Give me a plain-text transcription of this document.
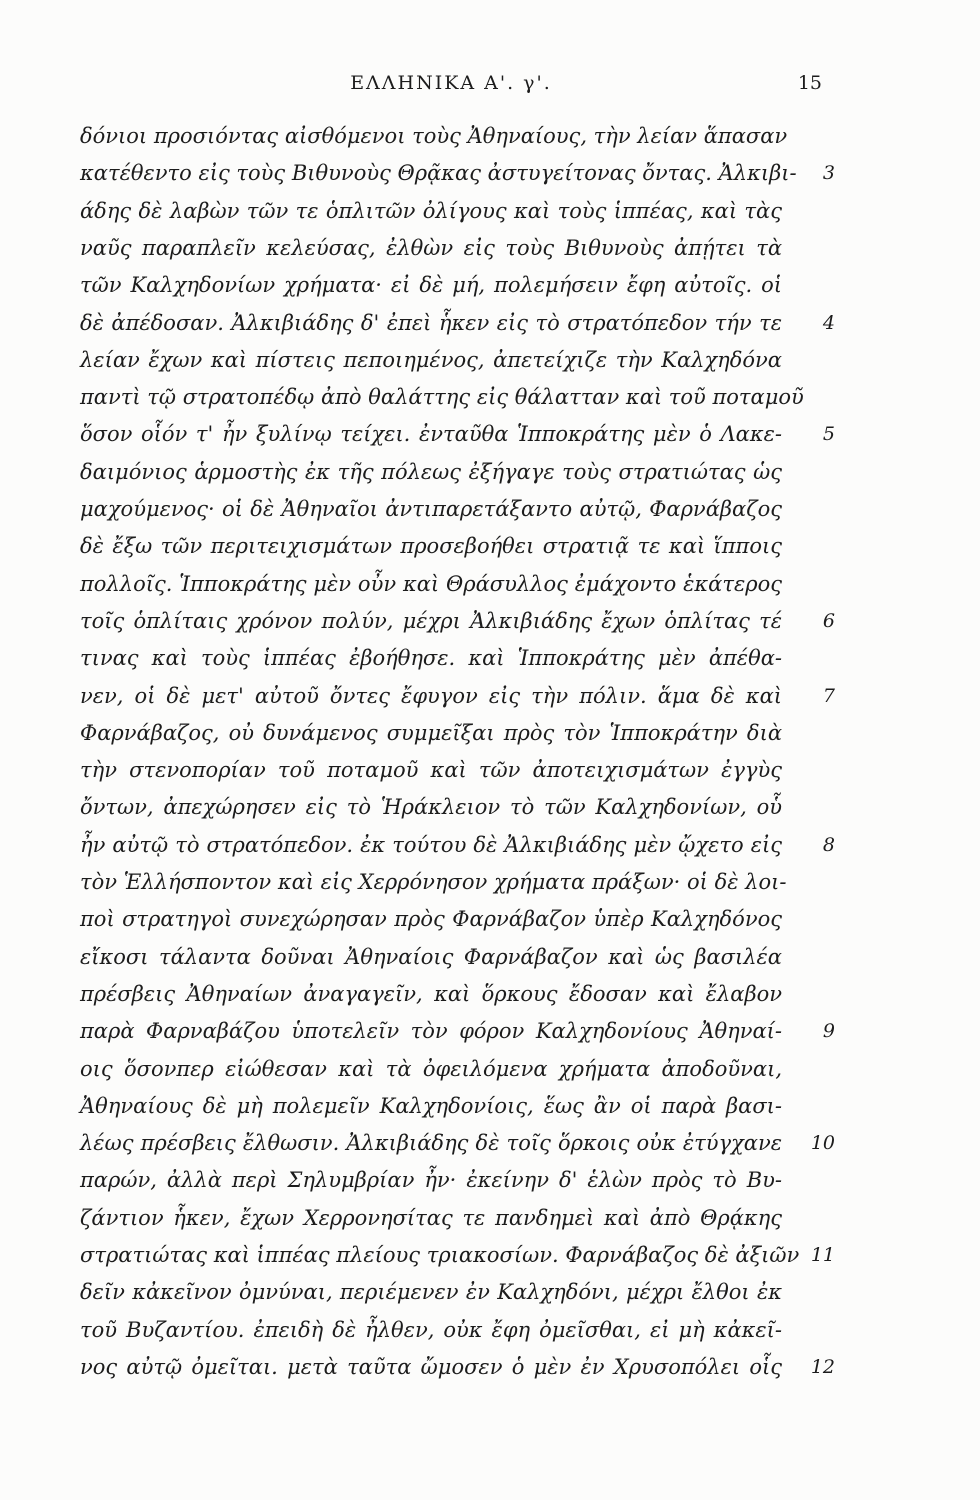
ΕΛΛΗΝΙΚΑ Α'. γ'.	15
δόνιοι προσιόντας αἰσθόμενοι τοὺς Ἀθηναίους, τὴν λείαν ἅπασαν
κατέθεντο εἰς τοὺς Βιθυνοὺς Θρᾷκας ἀστυγείτονας ὄντας. Ἀλκιβι-
άδης δὲ λαβὼν τῶν τε ὁπλιτῶν ὀλίγους καὶ τοὺς ἱππέας, καὶ τὰς
ναῦς παραπλεῖν κελεύσας, ἐλθὼν εἰς τοὺς Βιθυνοὺς ἀπῄτει τὰ
τῶν Καλχηδονίων χρήματα· εἰ δὲ μή, πολεμήσειν ἔφη αὐτοῖς. οἱ
δὲ ἀπέδοσαν. Ἀλκιβιάδης δ' ἐπεὶ ἧκεν εἰς τὸ στρατόπεδον τήν τε
λείαν ἔχων καὶ πίστεις πεποιημένος, ἀπετείχιζε τὴν Καλχηδόνα
παντὶ τῷ στρατοπέδῳ ἀπὸ θαλάττης εἰς θάλατταν καὶ τοῦ ποταμοῦ
ὅσον οἷόν τ' ἦν ξυλίνῳ τείχει. ἐνταῦθα Ἱπποκράτης μὲν ὁ Λακε-
δαιμόνιος ἁρμοστὴς ἐκ τῆς πόλεως ἐξήγαγε τοὺς στρατιώτας ὡς
μαχούμενος· οἱ δὲ Ἀθηναῖοι ἀντιπαρετάξαντο αὐτῷ, Φαρνάβαζος
δὲ ἔξω τῶν περιτειχισμάτων προσεβοήθει στρατιᾷ τε καὶ ἵπποις
πολλοῖς. Ἱπποκράτης μὲν οὖν καὶ Θράσυλλος ἐμάχοντο ἑκάτερος
τοῖς ὁπλίταις χρόνον πολύν, μέχρι Ἀλκιβιάδης ἔχων ὁπλίτας τέ
τινας καὶ τοὺς ἱππέας ἐβοήθησε. καὶ Ἱπποκράτης μὲν ἀπέθα-
νεν, οἱ δὲ μετ' αὐτοῦ ὄντες ἔφυγον εἰς τὴν πόλιν. ἅμα δὲ καὶ
Φαρνάβαζος, οὐ δυνάμενος συμμεῖξαι πρὸς τὸν Ἱπποκράτην διὰ
τὴν στενοπορίαν τοῦ ποταμοῦ καὶ τῶν ἀποτειχισμάτων ἐγγὺς
ὄντων, ἀπεχώρησεν εἰς τὸ Ἡράκλειον τὸ τῶν Καλχηδονίων, οὗ
ἦν αὐτῷ τὸ στρατόπεδον. ἐκ τούτου δὲ Ἀλκιβιάδης μὲν ᾤχετο εἰς
τὸν Ἑλλήσποντον καὶ εἰς Χερρόνησον χρήματα πράξων· οἱ δὲ λοι-
ποὶ στρατηγοὶ συνεχώρησαν πρὸς Φαρνάβαζον ὑπὲρ Καλχηδόνος
εἴκοσι τάλαντα δοῦναι Ἀθηναίοις Φαρνάβαζον καὶ ὡς βασιλέα
πρέσβεις Ἀθηναίων ἀναγαγεῖν, καὶ ὅρκους ἔδοσαν καὶ ἔλαβον
παρὰ Φαρναβάζου ὑποτελεῖν τὸν φόρον Καλχηδονίους Ἀθηναί-
οις ὅσονπερ εἰώθεσαν καὶ τὰ ὀφειλόμενα χρήματα ἀποδοῦναι,
Ἀθηναίους δὲ μὴ πολεμεῖν Καλχηδονίοις, ἕως ἂν οἱ παρὰ βασι-
λέως πρέσβεις ἔλθωσιν. Ἀλκιβιάδης δὲ τοῖς ὅρκοις οὐκ ἐτύγχανε
παρών, ἀλλὰ περὶ Σηλυμβρίαν ἦν· ἐκείνην δ' ἑλὼν πρὸς τὸ Βυ-
ζάντιον ἧκεν, ἔχων Χερρονησίτας τε πανδημεὶ καὶ ἀπὸ Θρᾴκης
στρατιώτας καὶ ἱππέας πλείους τριακοσίων. Φαρνάβαζος δὲ ἀξιῶν
δεῖν κἀκεῖνον ὀμνύναι, περιέμενεν ἐν Καλχηδόνι, μέχρι ἔλθοι ἐκ
τοῦ Βυζαντίου. ἐπειδὴ δὲ ἦλθεν, οὐκ ἔφη ὀμεῖσθαι, εἰ μὴ κἀκεῖ-
νος αὐτῷ ὀμεῖται. μετὰ ταῦτα ὤμοσεν ὁ μὲν ἐν Χρυσοπόλει οἷς
3
4
5
6
7
8
9
10
11
12
